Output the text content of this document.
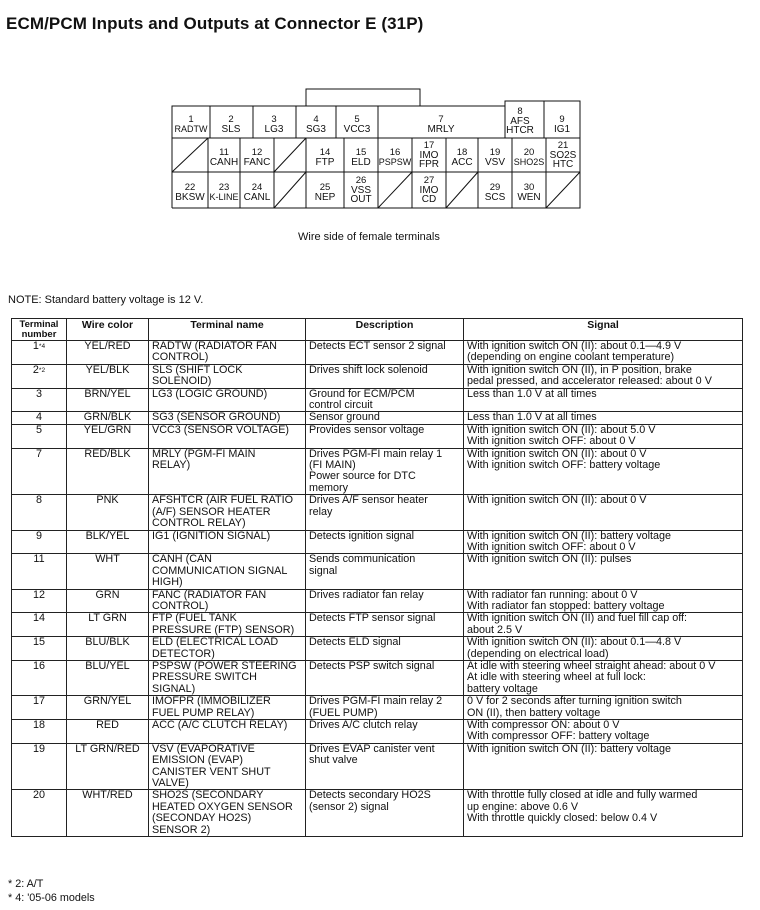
ECM/PCM Inputs and Outputs at Connector E (31P)
1
RADTW
2
SLS
3
LG3
4
SG3
5
VCC3
7
MRLY
8
AFS
HTCR
9
IG1
11
CANH
12
FANC
14
FTP
15
ELD
16
PSPSW
17
IMO
FPR
18
ACC
19
VSV
20
SHO2S
21
SO2S
HTC
22
BKSW
23
K-LINE
24
CANL
25
NEP
26
VSS
OUT
27
IMO
CD
29
SCS
30
WEN
Wire side of female terminals
NOTE: Standard battery voltage is 12 V.
Terminal number	Wire color	Terminal name	Description	Signal
1$^{*4}$	YEL/RED	RADTW (RADIATOR FAN
CONTROL)	Detects ECT sensor 2 signal	With ignition switch ON (II): about 0.1—4.9 V
(depending on engine coolant temperature)
2$^{*2}$	YEL/BLK	SLS (SHIFT LOCK
SOLENOID)	Drives shift lock solenoid	With ignition switch ON (II), in P position, brake
pedal pressed, and accelerator released: about 0 V
3	BRN/YEL	LG3 (LOGIC GROUND)	Ground for ECM/PCM
control circuit	Less than 1.0 V at all times
4	GRN/BLK	SG3 (SENSOR GROUND)	Sensor ground	Less than 1.0 V at all times
5	YEL/GRN	VCC3 (SENSOR VOLTAGE)	Provides sensor voltage	With ignition switch ON (II): about 5.0 V
With ignition switch OFF: about 0 V
7	RED/BLK	MRLY (PGM-FI MAIN
RELAY)	Drives PGM-FI main relay 1
(FI MAIN)
Power source for DTC
memory	With ignition switch ON (II): about 0 V
With ignition switch OFF: battery voltage
8	PNK	AFSHTCR (AIR FUEL RATIO
(A/F) SENSOR HEATER
CONTROL RELAY)	Drives A/F sensor heater
relay	With ignition switch ON (II): about 0 V
9	BLK/YEL	IG1 (IGNITION SIGNAL)	Detects ignition signal	With ignition switch ON (II): battery voltage
With ignition switch OFF: about 0 V
11	WHT	CANH (CAN
COMMUNICATION SIGNAL
HIGH)	Sends communication
signal	With ignition switch ON (II): pulses
12	GRN	FANC (RADIATOR FAN
CONTROL)	Drives radiator fan relay	With radiator fan running: about 0 V
With radiator fan stopped: battery voltage
14	LT GRN	FTP (FUEL TANK
PRESSURE (FTP) SENSOR)	Detects FTP sensor signal	With ignition switch ON (II) and fuel fill cap off:
about 2.5 V
15	BLU/BLK	ELD (ELECTRICAL LOAD
DETECTOR)	Detects ELD signal	With ignition switch ON (II): about 0.1—4.8 V
(depending on electrical load)
16	BLU/YEL	PSPSW (POWER STEERING
PRESSURE SWITCH
SIGNAL)	Detects PSP switch signal	At idle with steering wheel straight ahead: about 0 V
At idle with steering wheel at full lock:
battery voltage
17	GRN/YEL	IMOFPR (IMMOBILIZER
FUEL PUMP RELAY)	Drives PGM-FI main relay 2
(FUEL PUMP)	0 V for 2 seconds after turning ignition switch
ON (II), then battery voltage
18	RED	ACC (A/C CLUTCH RELAY)	Drives A/C clutch relay	With compressor ON: about 0 V
With compressor OFF: battery voltage
19	LT GRN/RED	VSV (EVAPORATIVE
EMISSION (EVAP)
CANISTER VENT SHUT
VALVE)	Drives EVAP canister vent
shut valve	With ignition switch ON (II): battery voltage
20	WHT/RED	SHO2S (SECONDARY
HEATED OXYGEN SENSOR
(SECONDAY HO2S)
SENSOR 2)	Detects secondary HO2S
(sensor 2) signal	With throttle fully closed at idle and fully warmed
up engine: above 0.6 V
With throttle quickly closed: below 0.4 V
* 2: A/T
* 4: '05-06 models
